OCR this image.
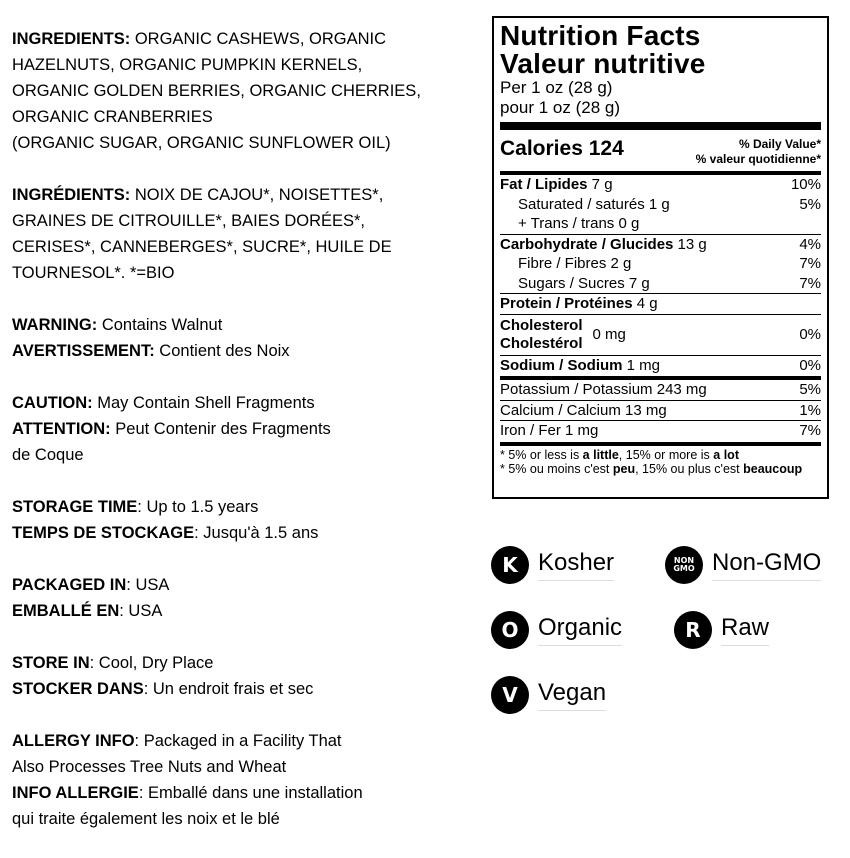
INGREDIENTS: ORGANIC CASHEWS, ORGANIC
HAZELNUTS, ORGANIC PUMPKIN KERNELS,
ORGANIC GOLDEN BERRIES, ORGANIC CHERRIES,
ORGANIC CRANBERRIES
(ORGANIC SUGAR, ORGANIC SUNFLOWER OIL)

INGRÉDIENTS: NOIX DE CAJOU*, NOISETTES*,
GRAINES DE CITROUILLE*, BAIES DORÉES*,
CERISES*, CANNEBERGES*, SUCRE*, HUILE DE
TOURNESOL*. *=BIO

WARNING: Contains Walnut
AVERTISSEMENT: Contient des Noix

CAUTION: May Contain Shell Fragments
ATTENTION: Peut Contenir des Fragments
de Coque

STORAGE TIME: Up to 1.5 years
TEMPS DE STOCKAGE: Jusqu'à 1.5 ans

PACKAGED IN: USA
EMBALLÉ EN: USA

STORE IN: Cool, Dry Place
STOCKER DANS: Un endroit frais et sec

ALLERGY INFO: Packaged in a Facility That
Also Processes Tree Nuts and Wheat
INFO ALLERGIE: Emballé dans une installation
qui traite également les noix et le blé

Nutrition Facts
Valeur nutritive
Per 1 oz (28 g)
pour 1 oz (28 g)
Calories 124	% Daily Value*
% valeur quotidienne*
Fat / Lipides 7 g	10%
Saturated / saturés 1 g	5%
+ Trans / trans 0 g
Carbohydrate / Glucides 13 g	4%
Fibre / Fibres 2 g	7%
Sugars / Sucres 7 g	7%
Protein / Protéines 4 g
Cholesterol
Cholestérol 0 mg	0%
Sodium / Sodium 1 mg	0%
Potassium / Potassium 243 mg	5%
Calcium / Calcium 13 mg	1%
Iron / Fer 1 mg	7%
* 5% or less is a little, 15% or more is a lot
* 5% ou moins c'est peu, 15% ou plus c'est beaucoup
K Kosher	NON GMO Non-GMO
O Organic	R Raw
V Vegan
